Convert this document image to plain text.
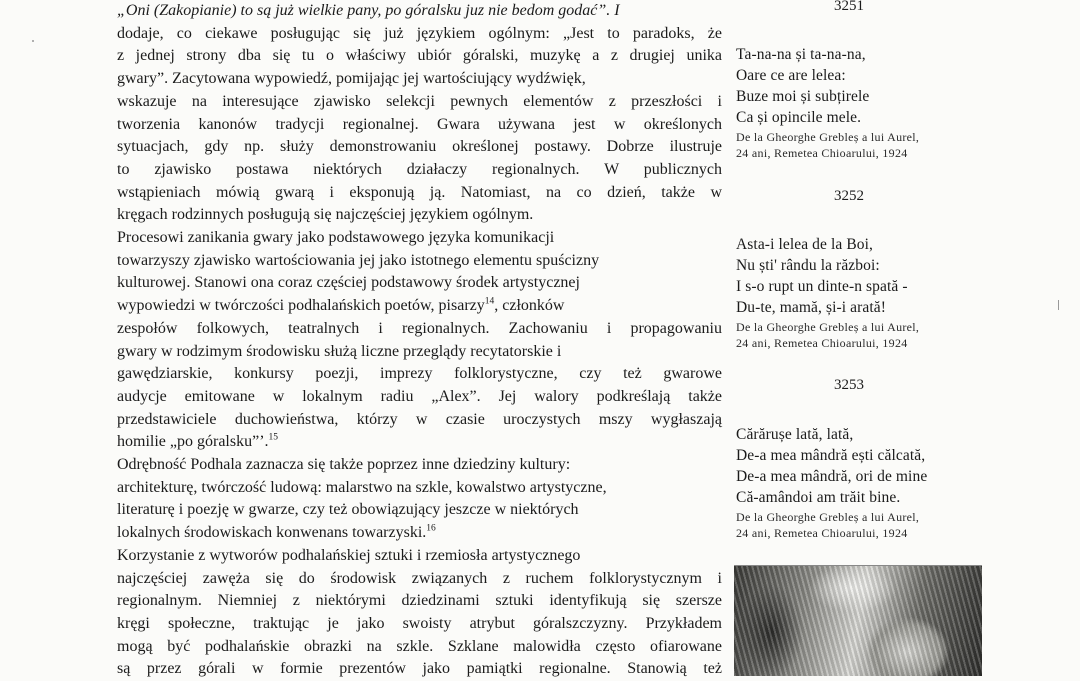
„Oni (Zakopianie) to są już wielkie pany, po góralsku juz nie bedom godać”. I
dodaje, co ciekawe posługując się już językiem ogólnym: „Jest to paradoks, że
z jednej strony dba się tu o właściwy ubiór góralski, muzykę a z drugiej unika
gwary”. Zacytowana wypowiedź, pomijając jej wartościujący wydźwięk,
wskazuje na interesujące zjawisko selekcji pewnych elementów z przeszłości i
tworzenia kanonów tradycji regionalnej. Gwara używana jest w określonych
sytuacjach, gdy np. służy demonstrowaniu określonej postawy. Dobrze ilustruje
to zjawisko postawa niektórych działaczy regionalnych. W publicznych
wstąpieniach mówią gwarą i eksponują ją. Natomiast, na co dzień, także w
kręgach rodzinnych posługują się najczęściej językiem ogólnym.
Procesowi zanikania gwary jako podstawowego języka komunikacji
towarzyszy zjawisko wartościowania jej jako istotnego elementu spuścizny
kulturowej. Stanowi ona coraz częściej podstawowy środek artystycznej
wypowiedzi w twórczości podhalańskich poetów, pisarzy$^{14}$, członków
zespołów folkowych, teatralnych i regionalnych. Zachowaniu i propagowaniu
gwary w rodzimym środowisku służą liczne przeglądy recytatorskie i
gawędziarskie, konkursy poezji, imprezy folklorystyczne, czy też gwarowe
audycje emitowane w lokalnym radiu „Alex”. Jej walory podkreślają także
przedstawiciele duchowieństwa, którzy w czasie uroczystych mszy wygłaszają
homilie „po góralsku”’.$^{15}$
Odrębność Podhala zaznacza się także poprzez inne dziedziny kultury:
architekturę, twórczość ludową: malarstwo na szkle, kowalstwo artystyczne,
literaturę i poezję w gwarze, czy też obowiązujący jeszcze w niektórych
lokalnych środowiskach konwenans towarzyski.$^{16}$
Korzystanie z wytworów podhalańskiej sztuki i rzemiosła artystycznego
najczęściej zawęża się do środowisk związanych z ruchem folklorystycznym i
regionalnym. Niemniej z niektórymi dziedzinami sztuki identyfikują się szersze
kręgi społeczne, traktując je jako swoisty atrybut góralszczyzny. Przykładem
mogą być podhalańskie obrazki na szkle. Szklane malowidła często ofiarowane
są przez górali w formie prezentów jako pamiątki regionalne. Stanowią też
3251
Ta-na-na și ta-na-na,
Oare ce are lelea:
Buze moi și subțirele
Ca și opincile mele.
De la Gheorghe Greblеș a lui Aurel,
24 ani, Remetea Chioarului, 1924
3252
Asta-i lelea de la Boi,
Nu ști' rându la război:
I s-o rupt un dinte-n spată -
Du-te, mamă, și-i arată!
De la Gheorghe Grebleș a lui Aurel,
24 ani, Remetea Chioarului, 1924
3253
Cărărușe lată, lată,
De-a mea mândră ești călcată,
De-a mea mândră, ori de mine
Că-amândoi am trăit bine.
De la Gheorghe Grebleș a lui Aurel,
24 ani, Remetea Chioarului, 1924
